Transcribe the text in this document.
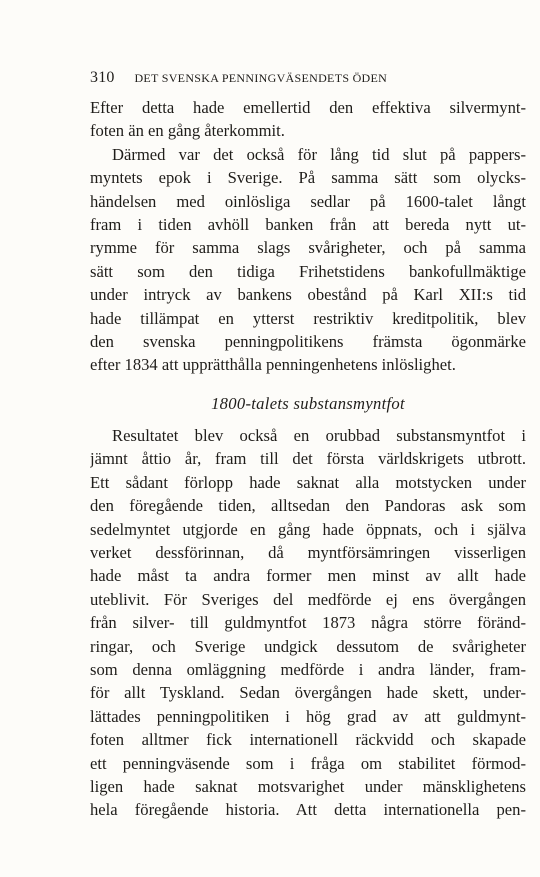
310 DET SVENSKA PENNINGVÄSENDETS ÖDEN
Efter detta hade emellertid den effektiva silvermynt-
foten än en gång återkommit.
Därmed var det också för lång tid slut på pappers-
myntets epok i Sverige. På samma sätt som olycks-
händelsen med oinlösliga sedlar på 1600-talet långt
fram i tiden avhöll banken från att bereda nytt ut-
rymme för samma slags svårigheter, och på samma
sätt som den tidiga Frihetstidens bankofullmäktige
under intryck av bankens obestånd på Karl XII:s tid
hade tillämpat en ytterst restriktiv kreditpolitik, blev
den svenska penningpolitikens främsta ögonmärke
efter 1834 att upprätthålla penningenhetens inlöslighet.
1800-talets substansmyntfot
Resultatet blev också en orubbad substansmyntfot i
jämnt åttio år, fram till det första världskrigets utbrott.
Ett sådant förlopp hade saknat alla motstycken under
den föregående tiden, alltsedan den Pandoras ask som
sedelmyntet utgjorde en gång hade öppnats, och i själva
verket dessförinnan, då myntförsämringen visserligen
hade måst ta andra former men minst av allt hade
uteblivit. För Sveriges del medförde ej ens övergången
från silver- till guldmyntfot 1873 några större föränd-
ringar, och Sverige undgick dessutom de svårigheter
som denna omläggning medförde i andra länder, fram-
för allt Tyskland. Sedan övergången hade skett, under-
lättades penningpolitiken i hög grad av att guldmynt-
foten alltmer fick internationell räckvidd och skapade
ett penningväsende som i fråga om stabilitet förmod-
ligen hade saknat motsvarighet under mänsklighetens
hela föregående historia. Att detta internationella pen-
